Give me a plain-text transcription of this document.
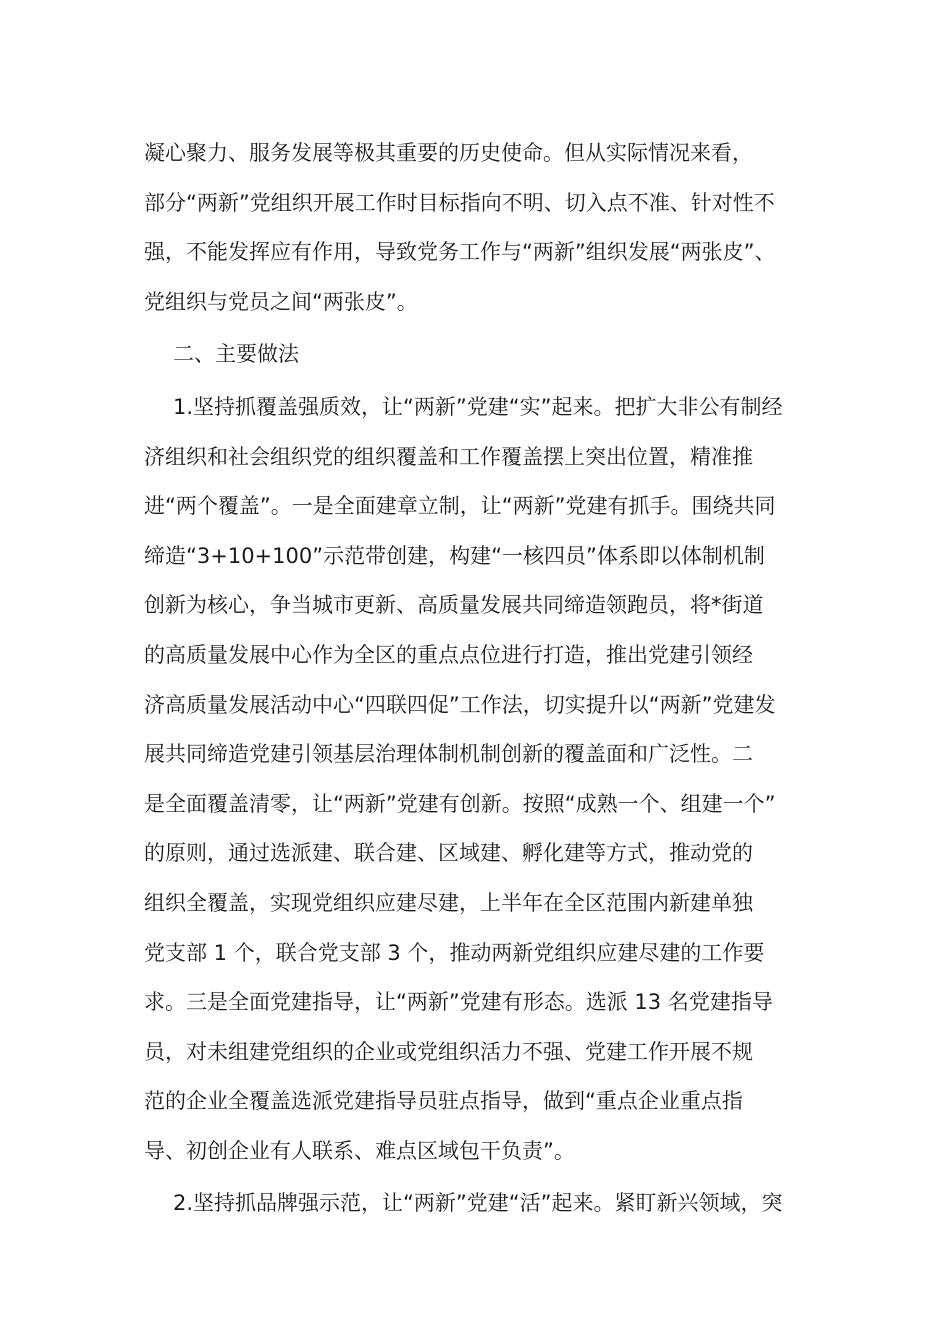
凝心聚力、服务发展等极其重要的历史使命。但从实际情况来看，

部分“两新”党组织开展工作时目标指向不明、切入点不准、针对性不

强，不能发挥应有作用，导致党务工作与“两新”组织发展“两张皮”、

党组织与党员之间“两张皮”。

二、主要做法

1.坚持抓覆盖强质效，让“两新”党建“实”起来。把扩大非公有制经

济组织和社会组织党的组织覆盖和工作覆盖摆上突出位置，精准推

进“两个覆盖”。一是全面建章立制，让“两新”党建有抓手。围绕共同

缔造“3+10+100”示范带创建，构建“一核四员”体系即以体制机制

创新为核心，争当城市更新、高质量发展共同缔造领跑员，将*街道

的高质量发展中心作为全区的重点点位进行打造，推出党建引领经

济高质量发展活动中心“四联四促”工作法，切实提升以“两新”党建发

展共同缔造党建引领基层治理体制机制创新的覆盖面和广泛性。二

是全面覆盖清零，让“两新”党建有创新。按照“成熟一个、组建一个”

的原则，通过选派建、联合建、区域建、孵化建等方式，推动党的

组织全覆盖，实现党组织应建尽建，上半年在全区范围内新建单独

党支部 1 个，联合党支部 3 个，推动两新党组织应建尽建的工作要

求。三是全面党建指导，让“两新”党建有形态。选派 13 名党建指导

员，对未组建党组织的企业或党组织活力不强、党建工作开展不规

范的企业全覆盖选派党建指导员驻点指导，做到“重点企业重点指

导、初创企业有人联系、难点区域包干负责”。

2.坚持抓品牌强示范，让“两新”党建“活”起来。紧盯新兴领域，突
